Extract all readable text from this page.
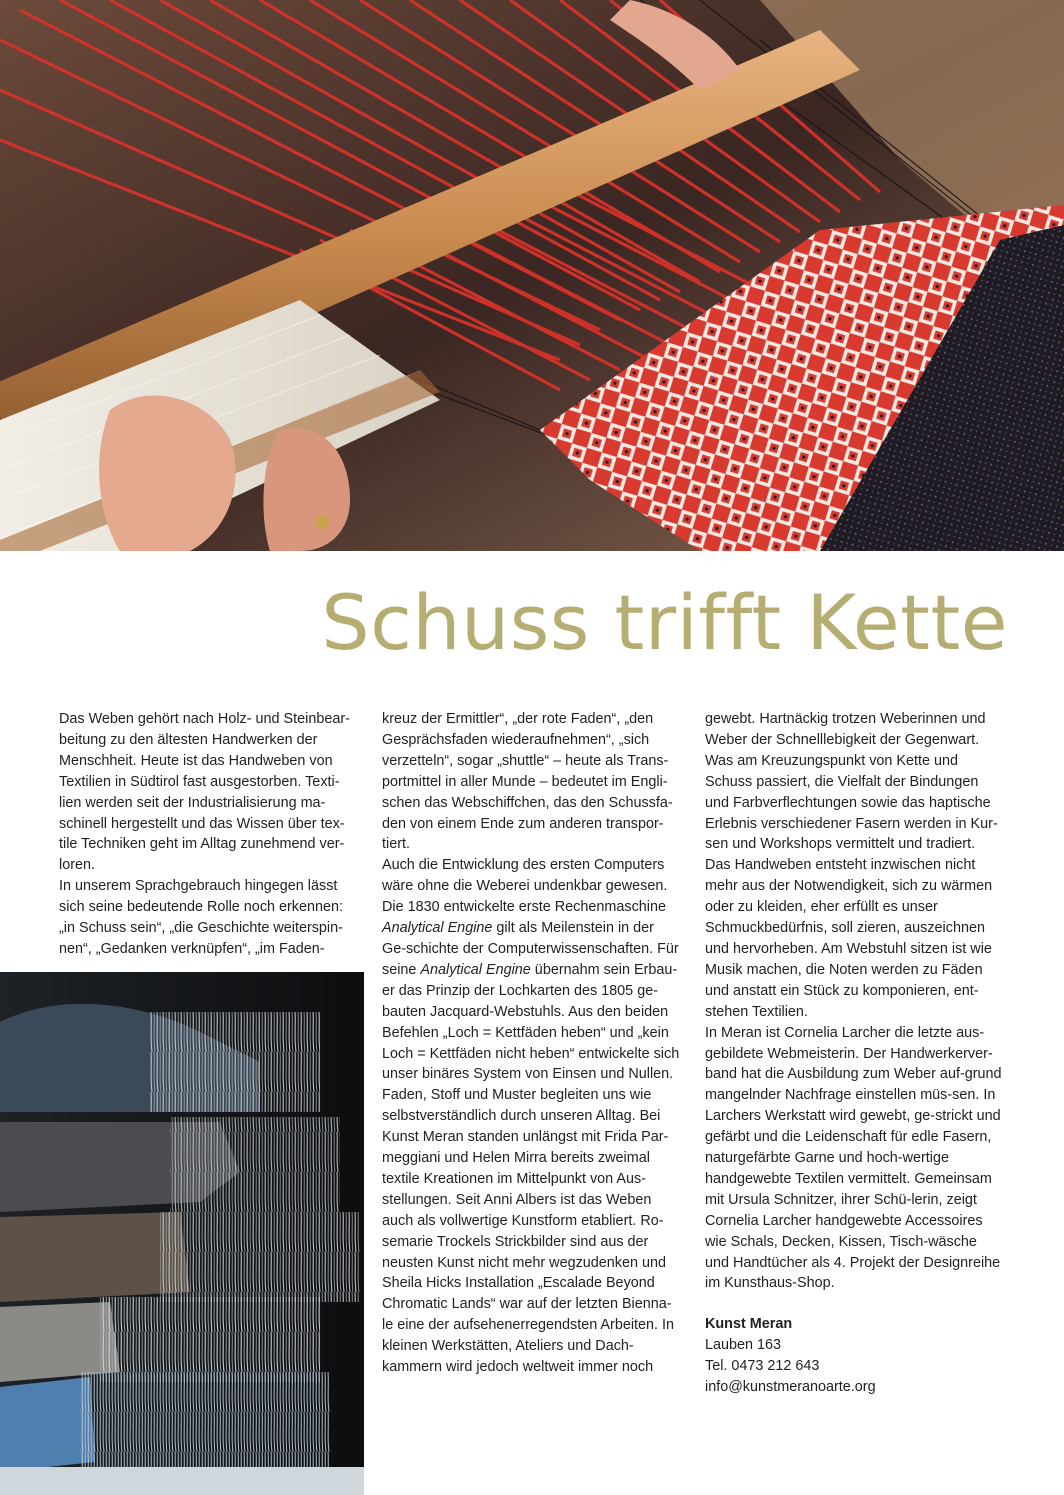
Schuss trifft Kette

Das Weben gehört nach Holz- und Steinbear-beitung zu den ältesten Handwerken der Menschheit. Heute ist das Handweben von Textilien in Südtirol fast ausgestorben. Texti-lien werden seit der Industrialisierung ma-schinell hergestellt und das Wissen über tex-tile Techniken geht im Alltag zunehmend ver-loren.

In unserem Sprachgebrauch hingegen lässt sich seine bedeutende Rolle noch erkennen: „in Schuss sein“, „die Geschichte weiterspin-nen“, „Gedanken verknüpfen“, „im Faden-

kreuz der Ermittler“, „der rote Faden“, „den Gesprächsfaden wiederaufnehmen“, „sich verzetteln“, sogar „shuttle“ – heute als Trans-portmittel in aller Munde – bedeutet im Engli-schen das Webschiffchen, das den Schussfa-den von einem Ende zum anderen transpor-tiert.

Auch die Entwicklung des ersten Computers wäre ohne die Weberei undenkbar gewesen. Die 1830 entwickelte erste Rechenmaschine Analytical Engine gilt als Meilenstein in der Ge-schichte der Computerwissenschaften. Für seine Analytical Engine übernahm sein Erbau-er das Prinzip der Lochkarten des 1805 ge-bauten Jacquard-Webstuhls. Aus den beiden Befehlen „Loch = Kettfäden heben“ und „kein Loch = Kettfäden nicht heben“ entwickelte sich unser binäres System von Einsen und Nullen.

Faden, Stoff und Muster begleiten uns wie selbstverständlich durch unseren Alltag. Bei Kunst Meran standen unlängst mit Frida Par-meggiani und Helen Mirra bereits zweimal textile Kreationen im Mittelpunkt von Aus-stellungen. Seit Anni Albers ist das Weben auch als vollwertige Kunstform etabliert. Ro-semarie Trockels Strickbilder sind aus der neusten Kunst nicht mehr wegzudenken und Sheila Hicks Installation „Escalade Beyond Chromatic Lands“ war auf der letzten Bienna-le eine der aufsehenerregendsten Arbeiten. In kleinen Werkstätten, Ateliers und Dach-kammern wird jedoch weltweit immer noch

gewebt. Hartnäckig trotzen Weberinnen und Weber der Schnelllebigkeit der Gegenwart. Was am Kreuzungspunkt von Kette und Schuss passiert, die Vielfalt der Bindungen und Farbverflechtungen sowie das haptische Erlebnis verschiedener Fasern werden in Kur-sen und Workshops vermittelt und tradiert.

Das Handweben entsteht inzwischen nicht mehr aus der Notwendigkeit, sich zu wärmen oder zu kleiden, eher erfüllt es unser Schmuckbedürfnis, soll zieren, auszeichnen und hervorheben. Am Webstuhl sitzen ist wie Musik machen, die Noten werden zu Fäden und anstatt ein Stück zu komponieren, ent-stehen Textilien.

In Meran ist Cornelia Larcher die letzte aus-gebildete Webmeisterin. Der Handwerkerver-band hat die Ausbildung zum Weber auf-grund mangelnder Nachfrage einstellen müs-sen. In Larchers Werkstatt wird gewebt, ge-strickt und gefärbt und die Leidenschaft für edle Fasern, naturgefärbte Garne und hoch-wertige handgewebte Textilen vermittelt. Gemeinsam mit Ursula Schnitzer, ihrer Schü-lerin, zeigt Cornelia Larcher handgewebte Accessoires wie Schals, Decken, Kissen, Tisch-wäsche und Handtücher als 4. Projekt der Designreihe im Kunsthaus-Shop.

Kunst Meran

Lauben 163

Tel. 0473 212 643

info@kunstmeranoarte.org
